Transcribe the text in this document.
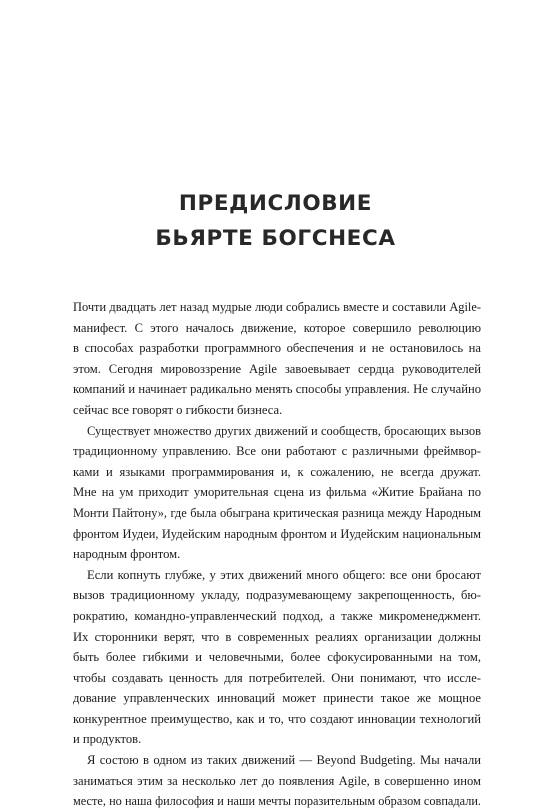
ПРЕДИСЛОВИЕ
БЬЯРТЕ БОГСНЕСА
Почти двадцать лет назад мудрые люди собрались вместе и составили Agile-
манифест. С этого началось движение, которое совершило революцию
в способах разработки программного обеспечения и не остановилось на
этом. Сегодня мировоззрение Agile завоевывает сердца руководителей
компаний и начинает радикально менять способы управления. Не случайно
сейчас все говорят о гибкости бизнеса.
Существует множество других движений и сообществ, бросающих вызов
традиционному управлению. Все они работают с различными фреймвор-
ками и языками программирования и, к сожалению, не всегда дружат.
Мне на ум приходит уморительная сцена из фильма «Житие Брайана по
Монти Пайтону», где была обыграна критическая разница между Народным
фронтом Иудеи, Иудейским народным фронтом и Иудейским национальным
народным фронтом.
Если копнуть глубже, у этих движений много общего: все они бросают
вызов традиционному укладу, подразумевающему закрепощенность, бю-
рократию, командно-управленческий подход, а также микроменеджмент.
Их сторонники верят, что в современных реалиях организации должны
быть более гибкими и человечными, более сфокусированными на том,
чтобы создавать ценность для потребителей. Они понимают, что иссле-
дование управленческих инноваций может принести такое же мощное
конкурентное преимущество, как и то, что создают инновации технологий
и продуктов.
Я состою в одном из таких движений — Beyond Budgeting. Мы начали
заниматься этим за несколько лет до появления Agile, в совершенно ином
месте, но наша философия и наши мечты поразительным образом совпадали.
